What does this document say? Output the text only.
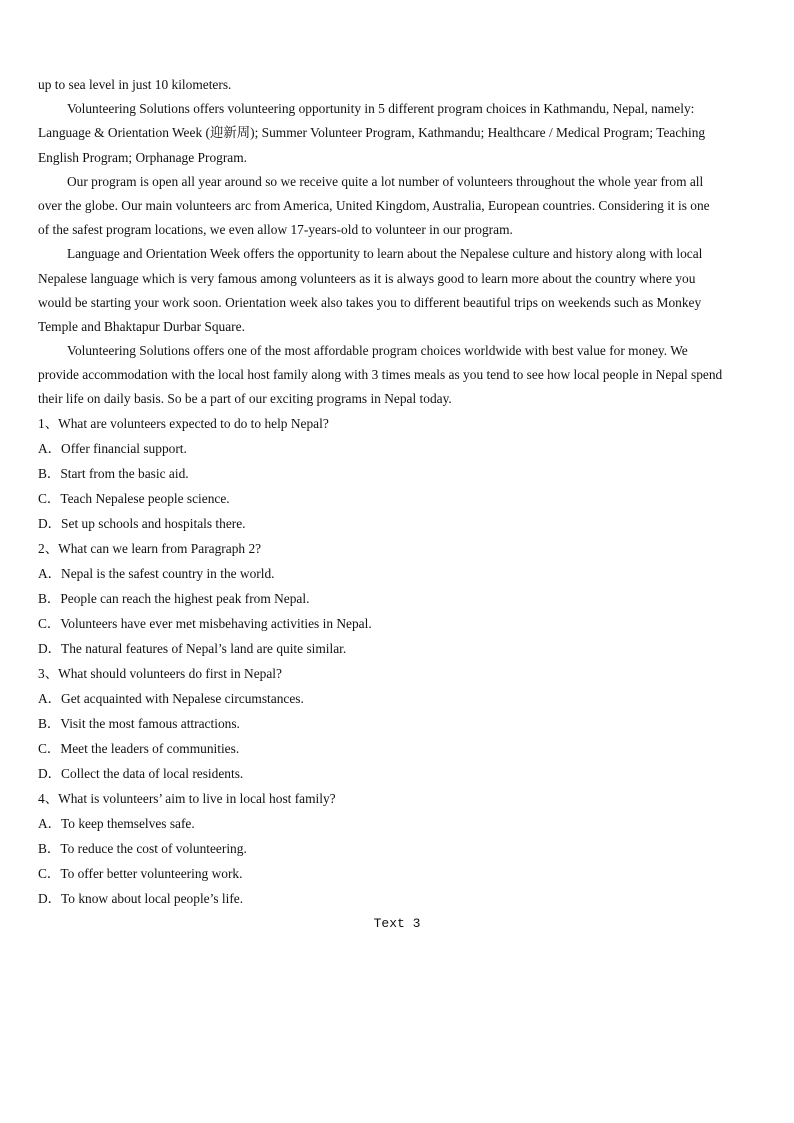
up to sea level in just 10 kilometers.
Volunteering Solutions offers volunteering opportunity in 5 different program choices in Kathmandu, Nepal, namely:
Language & Orientation Week (迎新周); Summer Volunteer Program, Kathmandu; Healthcare / Medical Program; Teaching
English Program; Orphanage Program.
Our program is open all year around so we receive quite a lot number of volunteers throughout the whole year from all
over the globe. Our main volunteers arc from America, United Kingdom, Australia, European countries. Considering it is one
of the safest program locations, we even allow 17-years-old to volunteer in our program.
Language and Orientation Week offers the opportunity to learn about the Nepalese culture and history along with local
Nepalese language which is very famous among volunteers as it is always good to learn more about the country where you
would be starting your work soon. Orientation week also takes you to different beautiful trips on weekends such as Monkey
Temple and Bhaktapur Durbar Square.
Volunteering Solutions offers one of the most affordable program choices worldwide with best value for money. We
provide accommodation with the local host family along with 3 times meals as you tend to see how local people in Nepal spend
their life on daily basis. So be a part of our exciting programs in Nepal today.
1、What are volunteers expected to do to help Nepal?
A．Offer financial support.
B．Start from the basic aid.
C．Teach Nepalese people science.
D．Set up schools and hospitals there.
2、What can we learn from Paragraph 2?
A．Nepal is the safest country in the world.
B．People can reach the highest peak from Nepal.
C．Volunteers have ever met misbehaving activities in Nepal.
D．The natural features of Nepal’s land are quite similar.
3、What should volunteers do first in Nepal?
A．Get acquainted with Nepalese circumstances.
B．Visit the most famous attractions.
C．Meet the leaders of communities.
D．Collect the data of local residents.
4、What is volunteers’ aim to live in local host family?
A．To keep themselves safe.
B．To reduce the cost of volunteering.
C．To offer better volunteering work.
D．To know about local people’s life.
Text 3
